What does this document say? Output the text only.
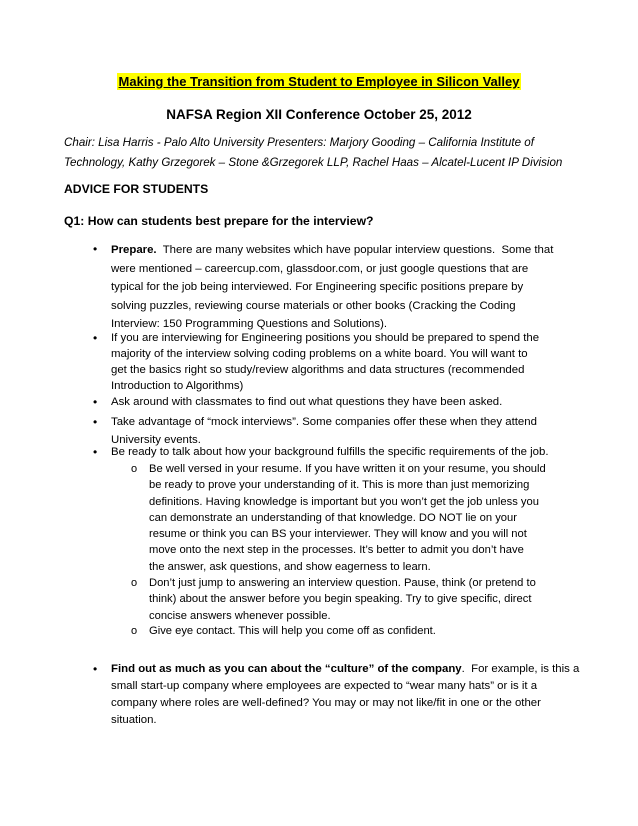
Making the Transition from Student to Employee in Silicon Valley
NAFSA Region XII Conference October 25, 2012
Chair: Lisa Harris - Palo Alto University Presenters: Marjory Gooding – California Institute of
Technology, Kathy Grzegorek – Stone &Grzegorek LLP, Rachel Haas – Alcatel-Lucent IP Division
ADVICE FOR STUDENTS
Q1: How can students best prepare for the interview?
• Prepare.  There are many websites which have popular interview questions.  Some that
were mentioned – careercup.com, glassdoor.com, or just google questions that are
typical for the job being interviewed. For Engineering specific positions prepare by
solving puzzles, reviewing course materials or other books (Cracking the Coding
Interview: 150 Programming Questions and Solutions).
• If you are interviewing for Engineering positions you should be prepared to spend the
majority of the interview solving coding problems on a white board. You will want to
get the basics right so study/review algorithms and data structures (recommended
Introduction to Algorithms)
• Ask around with classmates to find out what questions they have been asked.
• Take advantage of “mock interviews”. Some companies offer these when they attend
University events.
• Be ready to talk about how your background fulfills the specific requirements of the job.
o Be well versed in your resume. If you have written it on your resume, you should
be ready to prove your understanding of it. This is more than just memorizing
definitions. Having knowledge is important but you won’t get the job unless you
can demonstrate an understanding of that knowledge. DO NOT lie on your
resume or think you can BS your interviewer. They will know and you will not
move onto the next step in the processes. It’s better to admit you don’t have
the answer, ask questions, and show eagerness to learn.
o Don’t just jump to answering an interview question. Pause, think (or pretend to
think) about the answer before you begin speaking. Try to give specific, direct
concise answers whenever possible.
o Give eye contact. This will help you come off as confident.
• Find out as much as you can about the “culture” of the company.  For example, is this a
small start-up company where employees are expected to “wear many hats” or is it a
company where roles are well-defined? You may or may not like/fit in one or the other
situation.
